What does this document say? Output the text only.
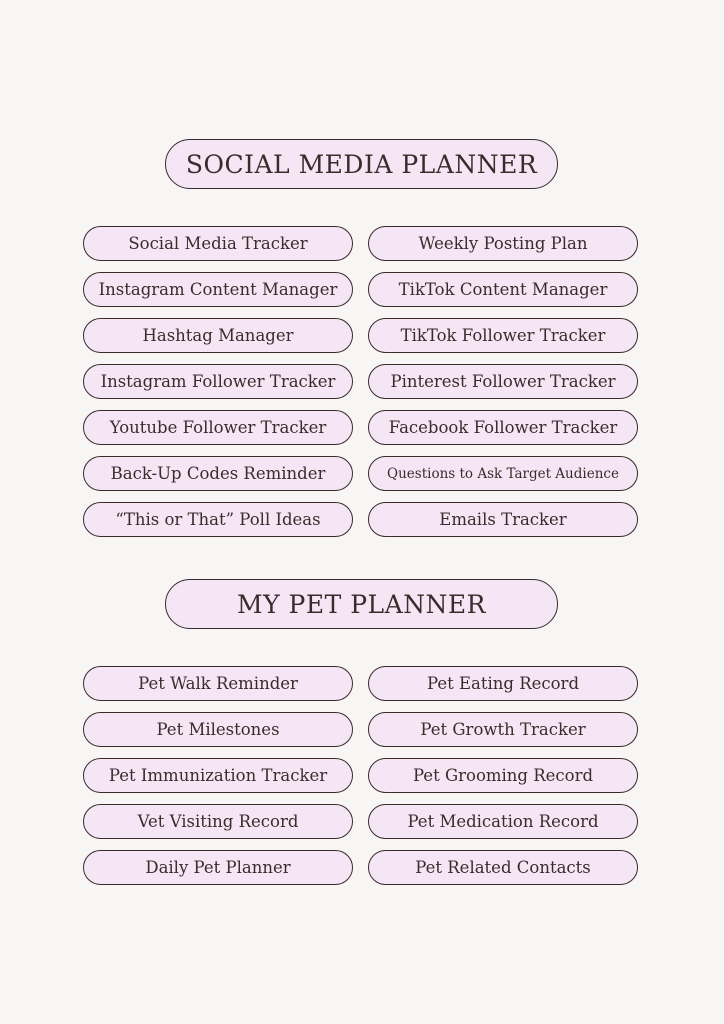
SOCIAL MEDIA PLANNER
Social Media Tracker	Weekly Posting Plan
Instagram Content Manager	TikTok Content Manager
Hashtag Manager	TikTok Follower Tracker
Instagram Follower Tracker	Pinterest Follower Tracker
Youtube Follower Tracker	Facebook Follower Tracker
Back-Up Codes Reminder	Questions to Ask Target Audience
“This or That” Poll Ideas	Emails Tracker
MY PET PLANNER
Pet Walk Reminder	Pet Eating Record
Pet Milestones	Pet Growth Tracker
Pet Immunization Tracker	Pet Grooming Record
Vet Visiting Record	Pet Medication Record
Daily Pet Planner	Pet Related Contacts
